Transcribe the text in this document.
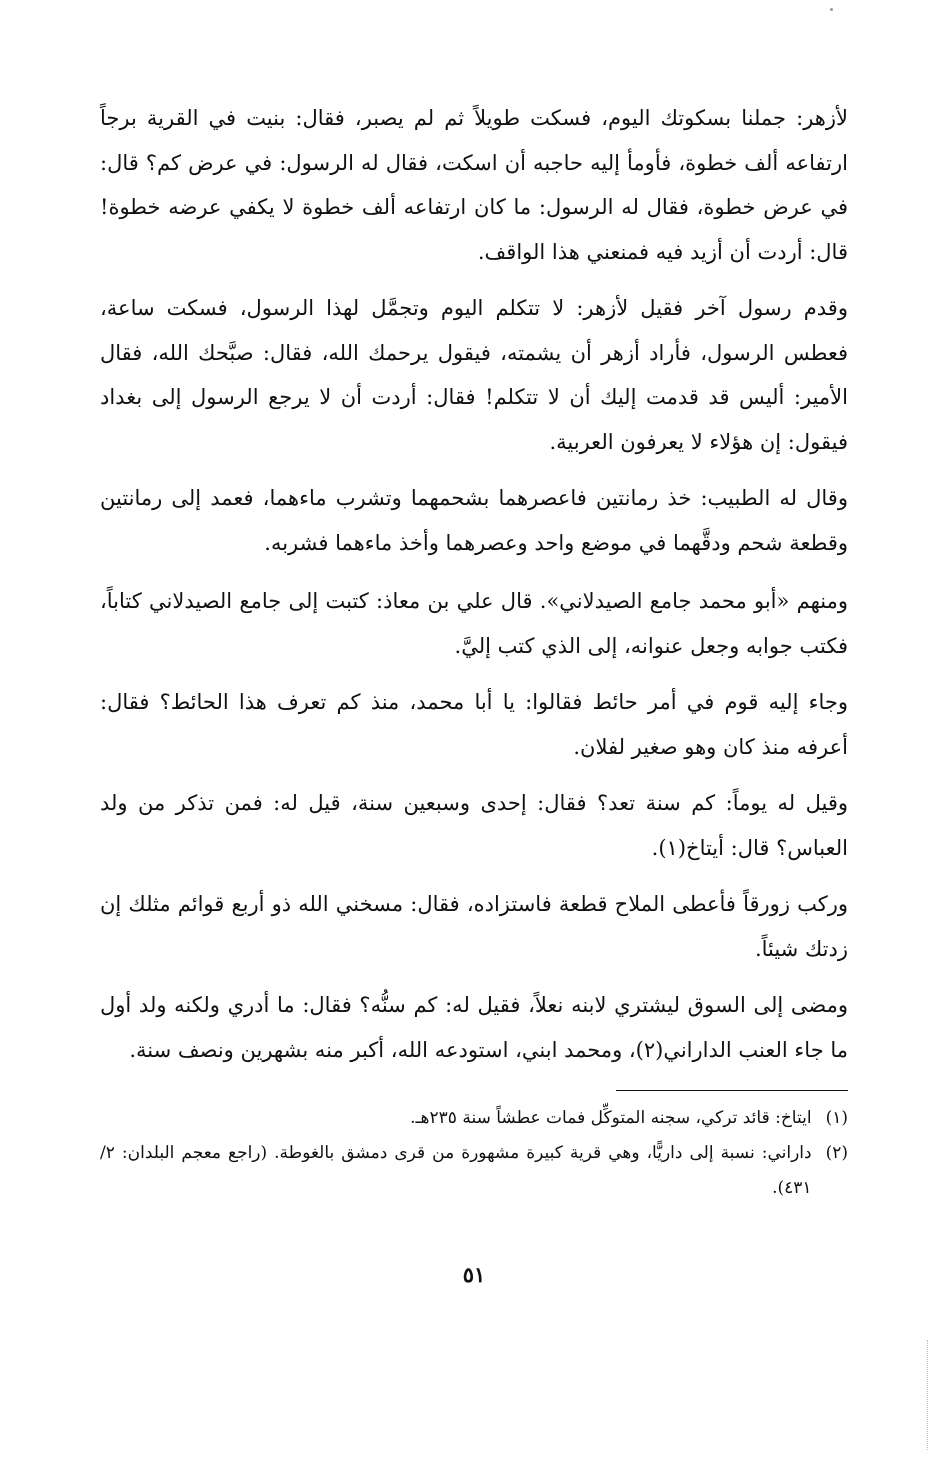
لأزهر: جملنا بسكوتك اليوم، فسكت طويلاً ثم لم يصبر، فقال: بنيت في القرية برجاً ارتفاعه ألف خطوة، فأومأ إليه حاجبه أن اسكت، فقال له الرسول: في عرض كم؟ قال: في عرض خطوة، فقال له الرسول: ما كان ارتفاعه ألف خطوة لا يكفي عرضه خطوة! قال: أردت أن أزيد فيه فمنعني هذا الواقف.

وقدم رسول آخر فقيل لأزهر: لا تتكلم اليوم وتجمَّل لهذا الرسول، فسكت ساعة، فعطس الرسول، فأراد أزهر أن يشمته، فيقول يرحمك الله، فقال: صبَّحك الله، فقال الأمير: أليس قد قدمت إليك أن لا تتكلم! فقال: أردت أن لا يرجع الرسول إلى بغداد فيقول: إن هؤلاء لا يعرفون العربية.

وقال له الطبيب: خذ رمانتين فاعصرهما بشحمهما وتشرب ماءهما، فعمد إلى رمانتين وقطعة شحم ودقَّهما في موضع واحد وعصرهما وأخذ ماءهما فشربه.

ومنهم «أبو محمد جامع الصيدلاني». قال علي بن معاذ: كتبت إلى جامع الصيدلاني كتاباً، فكتب جوابه وجعل عنوانه، إلى الذي كتب إليَّ.

وجاء إليه قوم في أمر حائط فقالوا: يا أبا محمد، منذ كم تعرف هذا الحائط؟ فقال: أعرفه منذ كان وهو صغير لفلان.

وقيل له يوماً: كم سنة تعد؟ فقال: إحدى وسبعين سنة، قيل له: فمن تذكر من ولد العباس؟ قال: أيتاخ(١).

وركب زورقاً فأعطى الملاح قطعة فاستزاده، فقال: مسخني الله ذو أربع قوائم مثلك إن زدتك شيئاً.

ومضى إلى السوق ليشتري لابنه نعلاً، فقيل له: كم سنُّه؟ فقال: ما أدري ولكنه ولد أول ما جاء العنب الداراني(٢)، ومحمد ابني، استودعه الله، أكبر منه بشهرين ونصف سنة.

(١)
ايتاخ: قائد تركي، سجنه المتوكِّل فمات عطشاً سنة ٢٣٥هـ.
(٢)
داراني: نسبة إلى داريًّا، وهي قرية كبيرة مشهورة من قرى دمشق بالغوطة. (راجع معجم البلدان: ٢/ ٤٣١).
٥١
